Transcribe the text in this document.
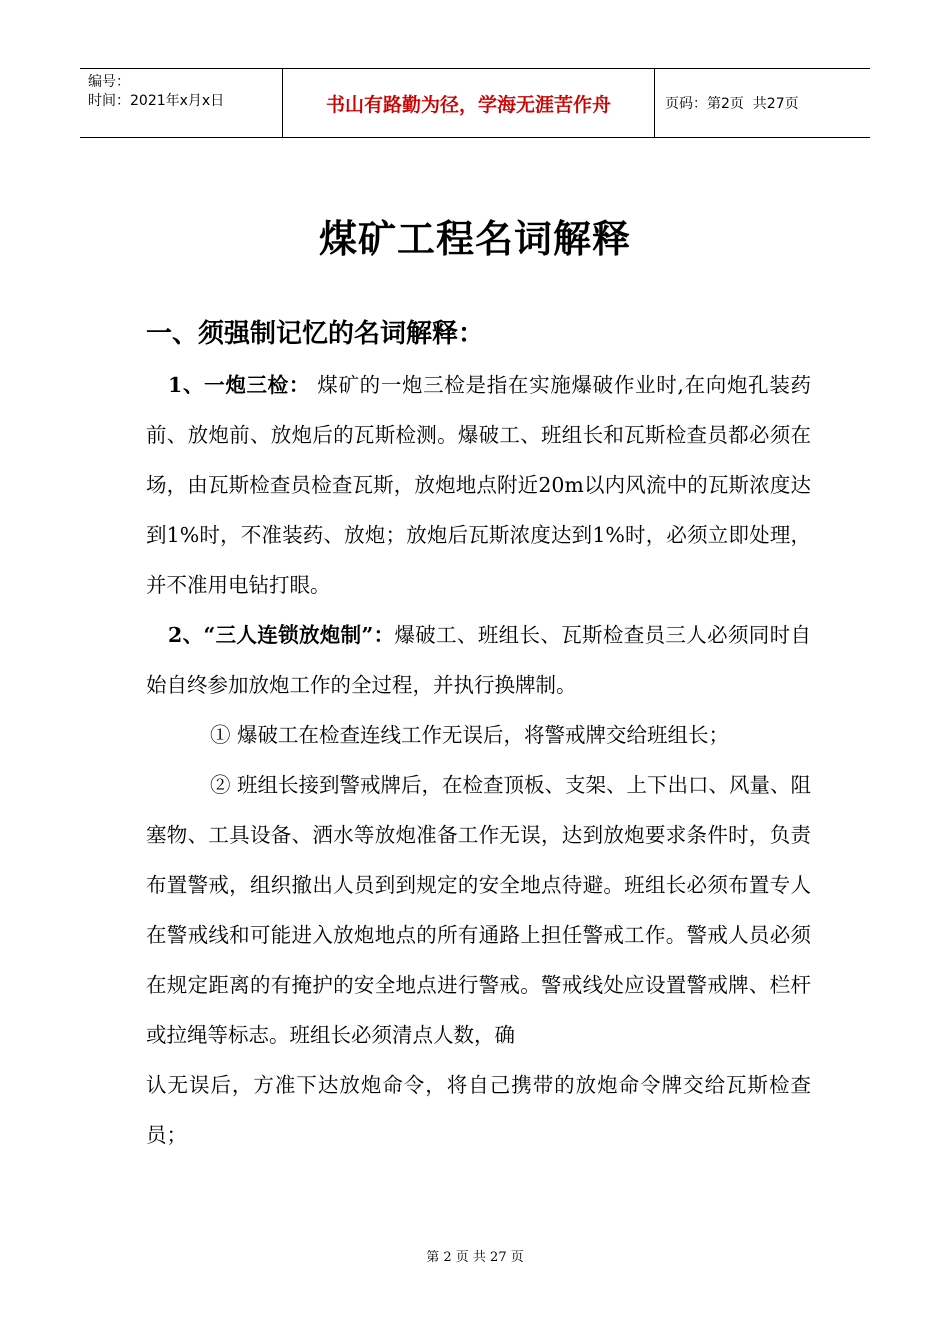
编号：
时间：2021年x月x日	书山有路勤为径，学海无涯苦作舟	页码：第2页  共27页
煤矿工程名词解释
一、须强制记忆的名词解释：

1、一炮三检： 煤矿的一炮三检是指在实施爆破作业时,在向炮孔装药前、放炮前、放炮后的瓦斯检测。爆破工、班组长和瓦斯检查员都必须在场，由瓦斯检查员检查瓦斯，放炮地点附近20m以内风流中的瓦斯浓度达到1%时，不准装药、放炮；放炮后瓦斯浓度达到1%时，必须立即处理，并不准用电钻打眼。

2、“三人连锁放炮制”：爆破工、班组长、瓦斯检查员三人必须同时自始自终参加放炮工作的全过程，并执行换牌制。

① 爆破工在检查连线工作无误后，将警戒牌交给班组长；

② 班组长接到警戒牌后，在检查顶板、支架、上下出口、风量、阻塞物、工具设备、洒水等放炮准备工作无误，达到放炮要求条件时，负责布置警戒，组织撤出人员到到规定的安全地点待避。班组长必须布置专人在警戒线和可能进入放炮地点的所有通路上担任警戒工作。警戒人员必须在规定距离的有掩护的安全地点进行警戒。警戒线处应设置警戒牌、栏杆或拉绳等标志。班组长必须清点人数，确

认无误后，方准下达放炮命令，将自己携带的放炮命令牌交给瓦斯检查员；

第 2 页 共 27 页
